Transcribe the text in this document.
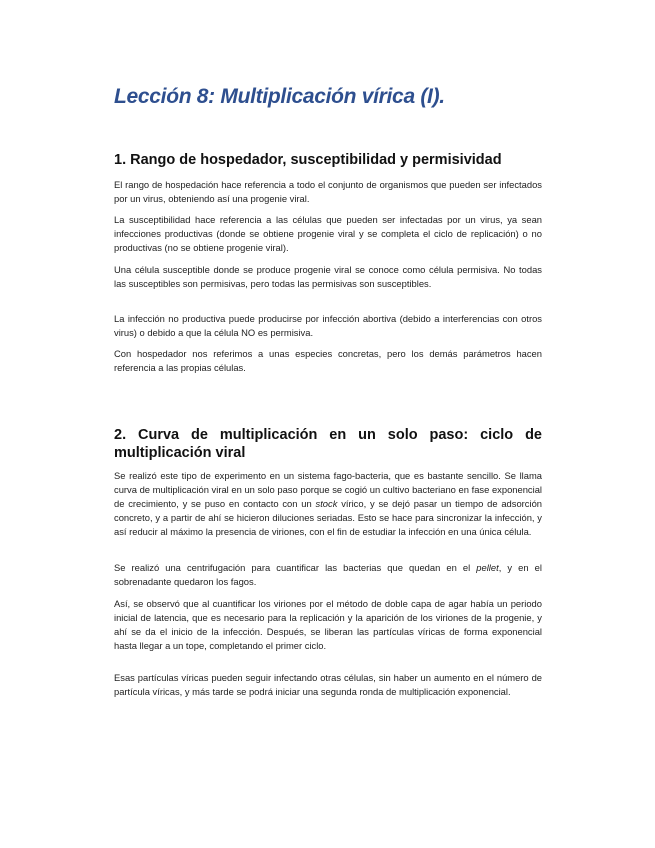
Lección 8: Multiplicación vírica (I).
1. Rango de hospedador, susceptibilidad y permisividad

El rango de hospedación hace referencia a todo el conjunto de organismos que pueden ser infectados por un virus, obteniendo así una progenie viral.

La susceptibilidad hace referencia a las células que pueden ser infectadas por un virus, ya sean infecciones productivas (donde se obtiene progenie viral y se completa el ciclo de replicación) o no productivas (no se obtiene progenie viral).

Una célula susceptible donde se produce progenie viral se conoce como célula permisiva. No todas las susceptibles son permisivas, pero todas las permisivas son susceptibles.

La infección no productiva puede producirse por infección abortiva (debido a interferencias con otros virus) o debido a que la célula NO es permisiva.

Con hospedador nos referimos a unas especies concretas, pero los demás parámetros hacen referencia a las propias células.

2. Curva de multiplicación en un solo paso: ciclo de multiplicación viral

Se realizó este tipo de experimento en un sistema fago-bacteria, que es bastante sencillo. Se llama curva de multiplicación viral en un solo paso porque se cogió un cultivo bacteriano en fase exponencial de crecimiento, y se puso en contacto con un stock vírico, y se dejó pasar un tiempo de adsorción concreto, y a partir de ahí se hicieron diluciones seriadas. Esto se hace para sincronizar la infección, y así reducir al máximo la presencia de viriones, con el fin de estudiar la infección en una única célula.

Se realizó una centrifugación para cuantificar las bacterias que quedan en el pellet, y en el sobrenadante quedaron los fagos.

Así, se observó que al cuantificar los viriones por el método de doble capa de agar había un periodo inicial de latencia, que es necesario para la replicación y la aparición de los viriones de la progenie, y ahí se da el inicio de la infección. Después, se liberan las partículas víricas de forma exponencial hasta llegar a un tope, completando el primer ciclo.

Esas partículas víricas pueden seguir infectando otras células, sin haber un aumento en el número de partícula víricas, y más tarde se podrá iniciar una segunda ronda de multiplicación exponencial.
